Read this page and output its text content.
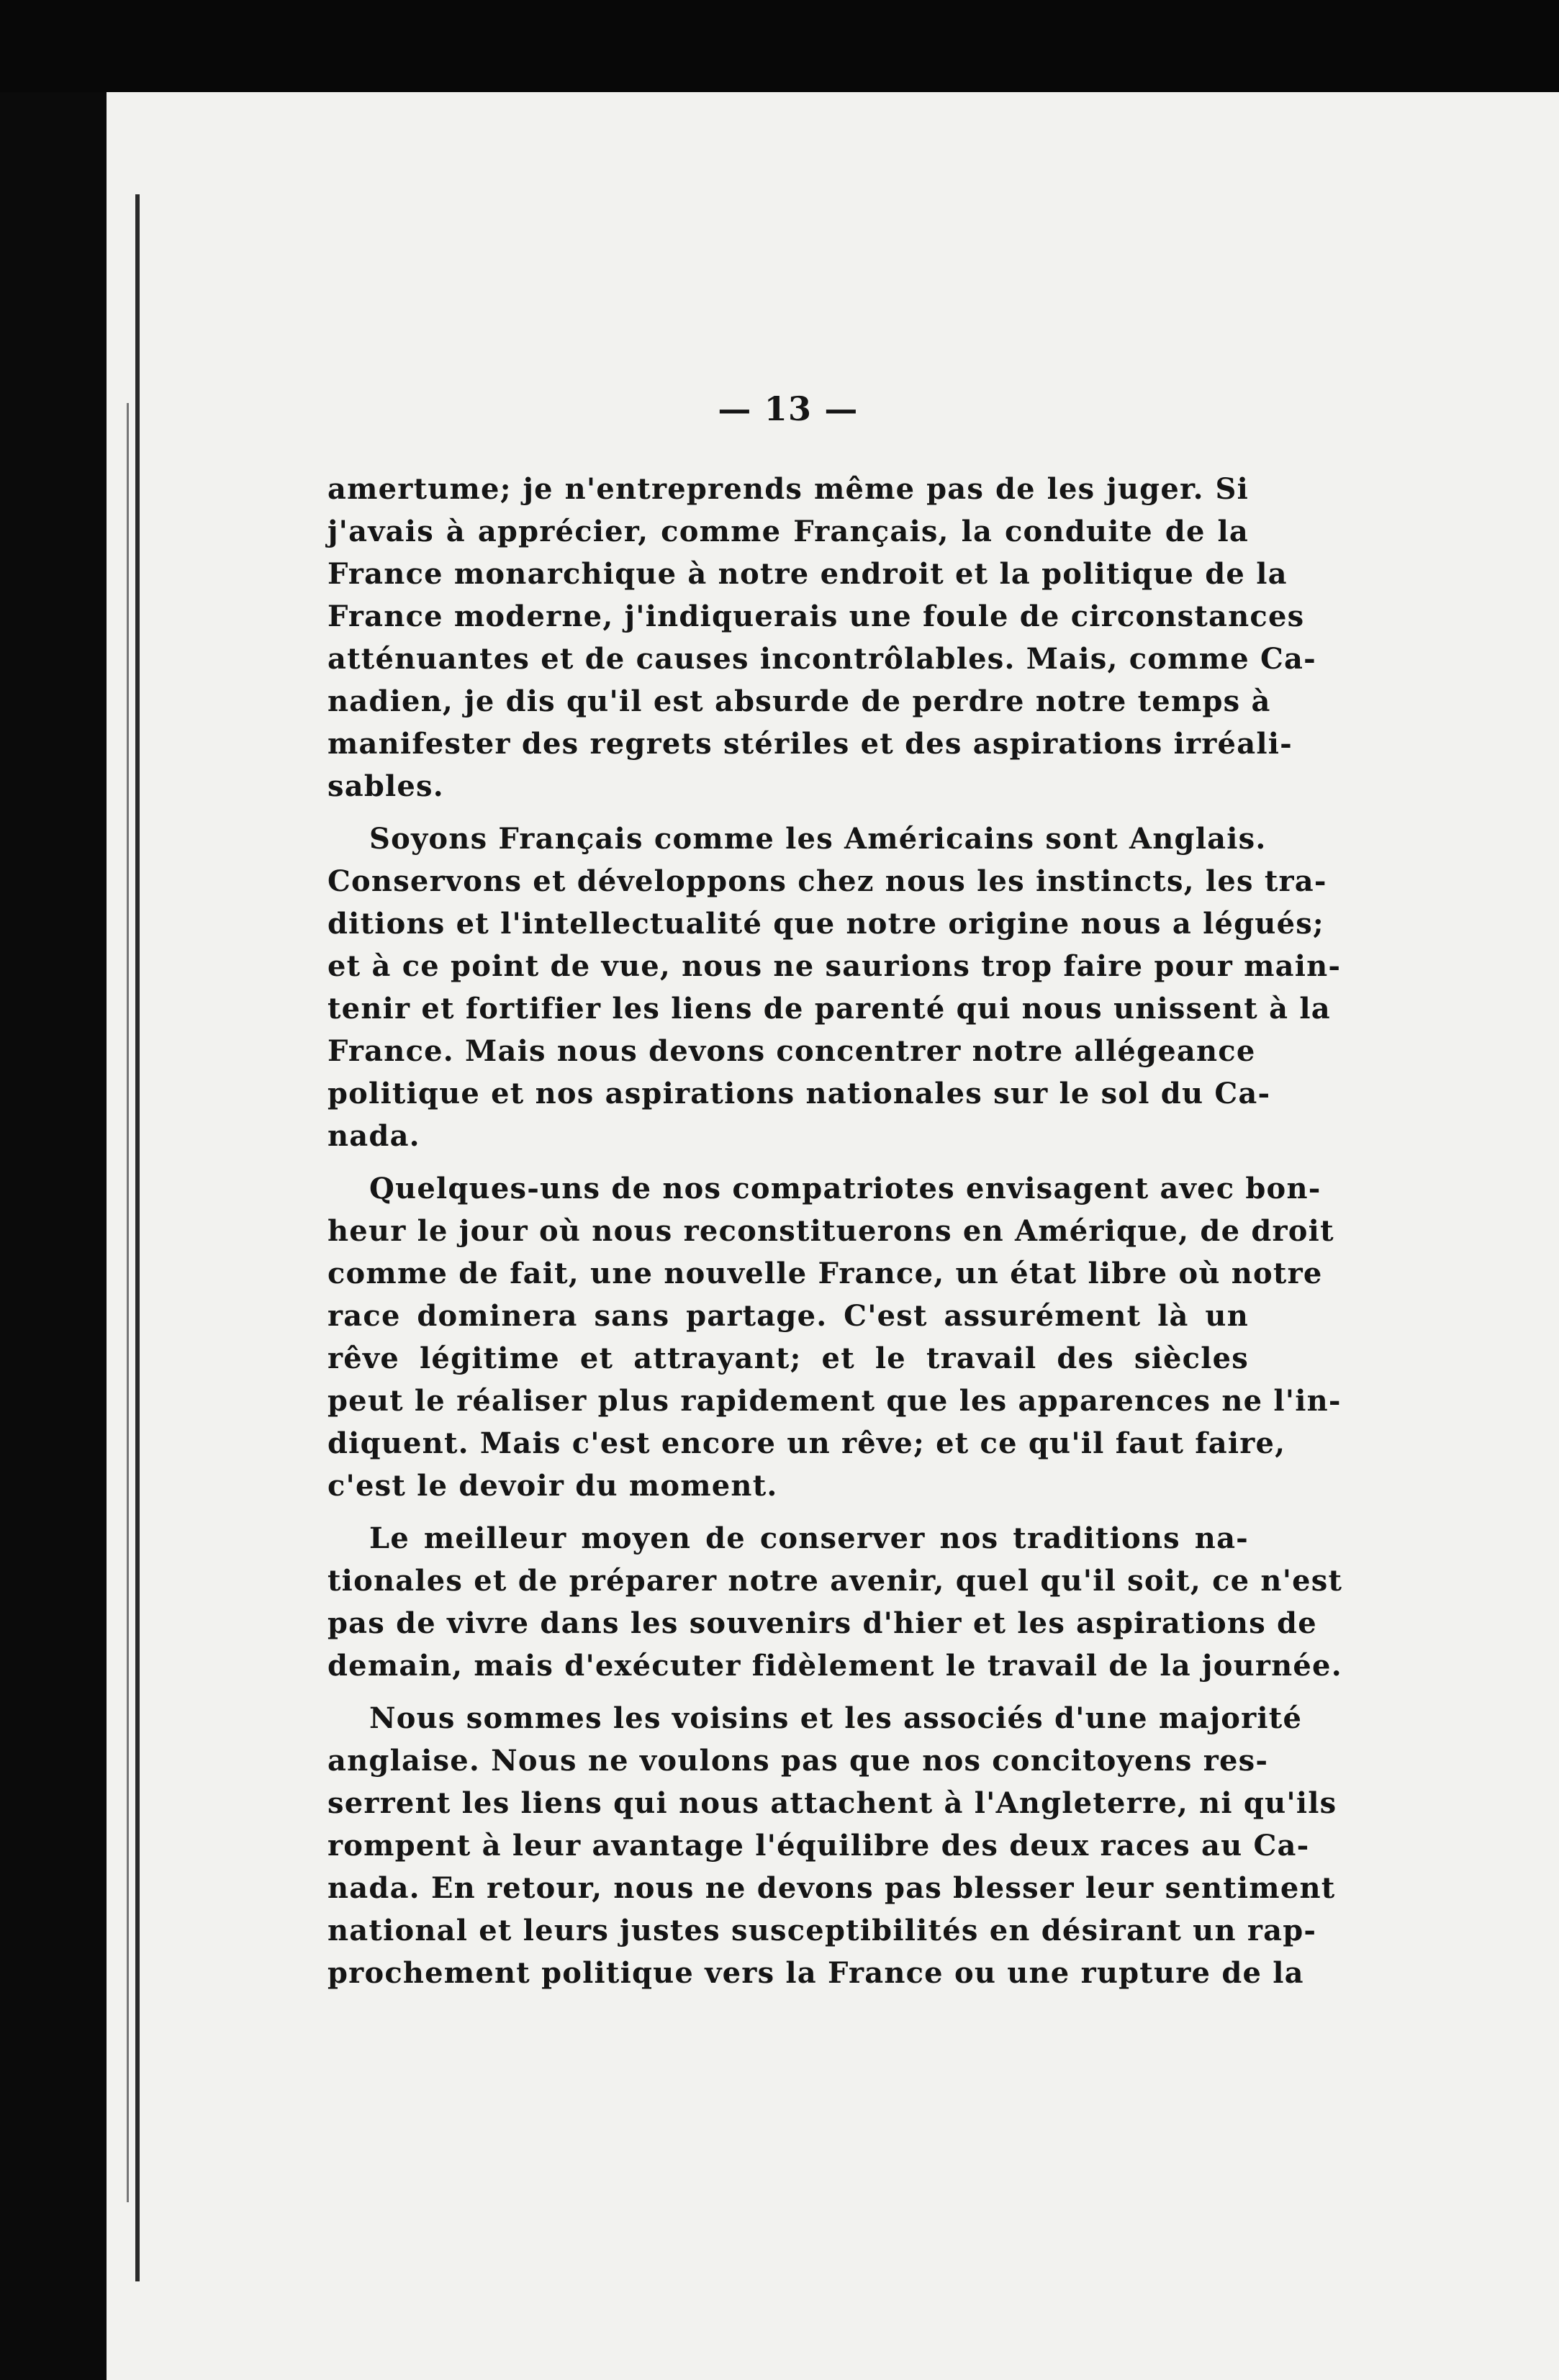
— 13 —
amertume; je n'entreprends même pas de les juger. Si
j'avais à apprécier, comme Français, la conduite de la
France monarchique à notre endroit et la politique de la
France moderne, j'indiquerais une foule de circonstances
atténuantes et de causes incontrôlables. Mais, comme Ca-
nadien, je dis qu'il est absurde de perdre notre temps à
manifester des regrets stériles et des aspirations irréali-
sables.
Soyons Français comme les Américains sont Anglais.
Conservons et développons chez nous les instincts, les tra-
ditions et l'intellectualité que notre origine nous a légués;
et à ce point de vue, nous ne saurions trop faire pour main-
tenir et fortifier les liens de parenté qui nous unissent à la
France. Mais nous devons concentrer notre allégeance
politique et nos aspirations nationales sur le sol du Ca-
nada.
Quelques-uns de nos compatriotes envisagent avec bon-
heur le jour où nous reconstituerons en Amérique, de droit
comme de fait, une nouvelle France, un état libre où notre
race dominera sans partage. C'est assurément là un
rêve légitime et attrayant; et le travail des siècles
peut le réaliser plus rapidement que les apparences ne l'in-
diquent. Mais c'est encore un rêve; et ce qu'il faut faire,
c'est le devoir du moment.
Le meilleur moyen de conserver nos traditions na-
tionales et de préparer notre avenir, quel qu'il soit, ce n'est
pas de vivre dans les souvenirs d'hier et les aspirations de
demain, mais d'exécuter fidèlement le travail de la journée.
Nous sommes les voisins et les associés d'une majorité
anglaise. Nous ne voulons pas que nos concitoyens res-
serrent les liens qui nous attachent à l'Angleterre, ni qu'ils
rompent à leur avantage l'équilibre des deux races au Ca-
nada. En retour, nous ne devons pas blesser leur sentiment
national et leurs justes susceptibilités en désirant un rap-
prochement politique vers la France ou une rupture de la
